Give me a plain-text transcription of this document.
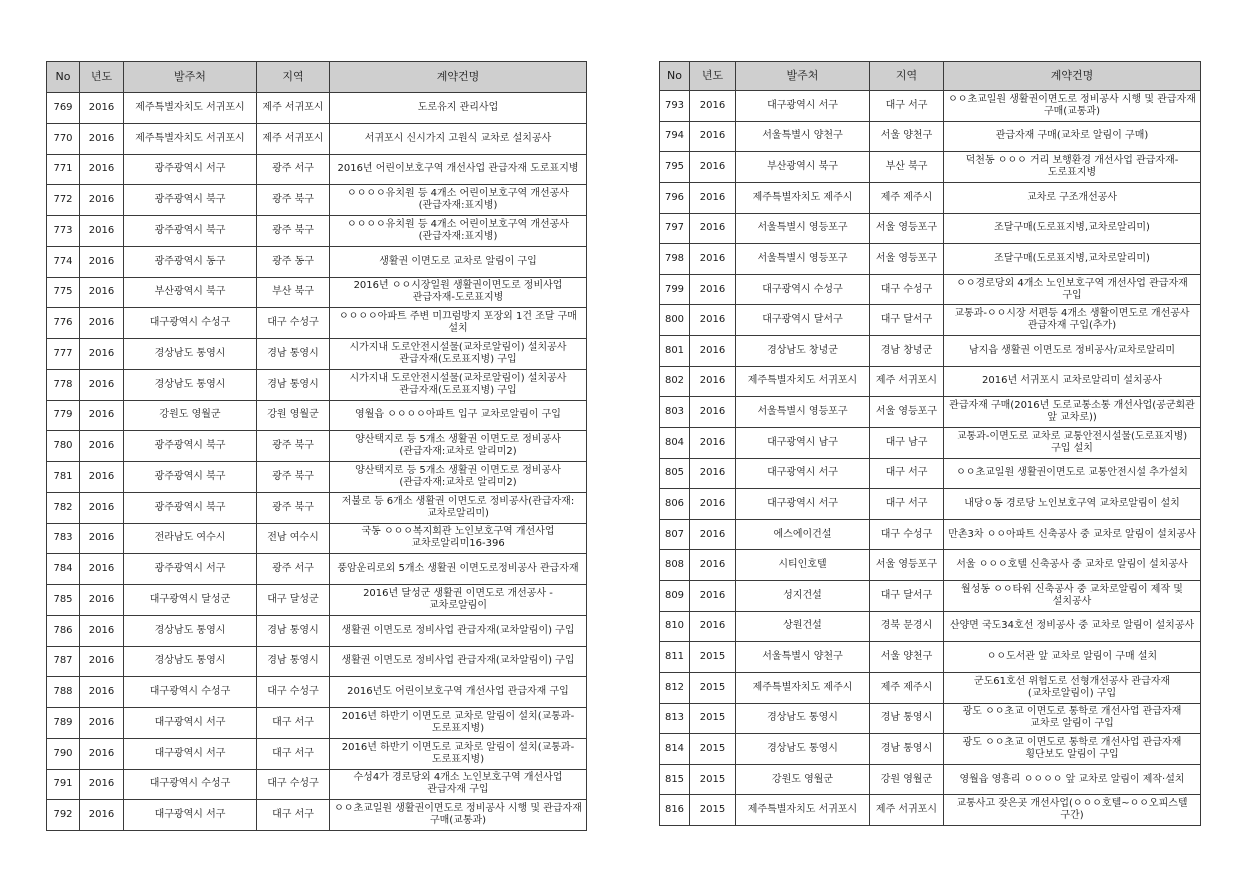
No	년도	발주처	지역	계약건명
769	2016	제주특별자치도 서귀포시	제주 서귀포시	도로유지 관리사업
770	2016	제주특별자치도 서귀포시	제주 서귀포시	서귀포시 신시가지 고원식 교차로 설치공사
771	2016	광주광역시 서구	광주 서구	2016년 어린이보호구역 개선사업 관급자재 도로표지병
772	2016	광주광역시 북구	광주 북구	ㅇㅇㅇㅇ유치원 등 4개소 어린이보호구역 개선공사(관급자재:표지병)
773	2016	광주광역시 북구	광주 북구	ㅇㅇㅇㅇ유치원 등 4개소 어린이보호구역 개선공사(관급자재:표지병)
774	2016	광주광역시 동구	광주 동구	생활권 이면도로 교차로 알림이 구입
775	2016	부산광역시 북구	부산 북구	2016년 ㅇㅇ시장일원 생활권이면도로 정비사업 관급자재-도로표지병
776	2016	대구광역시 수성구	대구 수성구	ㅇㅇㅇㅇ아파트 주변 미끄럼방지 포장외 1건 조달 구매 설치
777	2016	경상남도 통영시	경남 통영시	시가지내 도로안전시설물(교차로알림이) 설치공사 관급자재(도로표지병) 구입
778	2016	경상남도 통영시	경남 통영시	시가지내 도로안전시설물(교차로알림이) 설치공사 관급자재(도로표지병) 구입
779	2016	강원도 영월군	강원 영월군	영월읍 ㅇㅇㅇㅇ아파트 입구 교차로알림이 구입
780	2016	광주광역시 북구	광주 북구	양산택지로 등 5개소 생활권 이면도로 정비공사(관급자재:교차로 알리미2)
781	2016	광주광역시 북구	광주 북구	양산택지로 등 5개소 생활권 이면도로 정비공사(관급자재:교차로 알리미2)
782	2016	광주광역시 북구	광주 북구	저불로 등 6개소 생활권 이면도로 정비공사(관급자재:교차로알리미)
783	2016	전라남도 여수시	전남 여수시	국동 ㅇㅇㅇ복지회관 노인보호구역 개선사업 교차로알리미16-396
784	2016	광주광역시 서구	광주 서구	풍암운리로외 5개소 생활권 이면도로정비공사 관급자재
785	2016	대구광역시 달성군	대구 달성군	2016년 달성군 생활권 이면도로 개선공사 - 교차로알림이
786	2016	경상남도 통영시	경남 통영시	생활권 이면도로 정비사업 관급자재(교차알림이) 구입
787	2016	경상남도 통영시	경남 통영시	생활권 이면도로 정비사업 관급자재(교차알림이) 구입
788	2016	대구광역시 수성구	대구 수성구	2016년도 어린이보호구역 개선사업 관급자재 구입
789	2016	대구광역시 서구	대구 서구	2016년 하반기 이면도로 교차로 알림이 설치(교통과-도로표지병)
790	2016	대구광역시 서구	대구 서구	2016년 하반기 이면도로 교차로 알림이 설치(교통과-도로표지병)
791	2016	대구광역시 수성구	대구 수성구	수성4가 경로당외 4개소 노인보호구역 개선사업 관급자재 구입
792	2016	대구광역시 서구	대구 서구	ㅇㅇ초교일원 생활권이면도로 정비공사 시행 및 관급자재 구매(교통과)
No	년도	발주처	지역	계약건명
793	2016	대구광역시 서구	대구 서구	ㅇㅇ초교일원 생활권이면도로 정비공사 시행 및 관급자재 구매(교통과)
794	2016	서울특별시 양천구	서울 양천구	관급자재 구매(교차로 알림이 구매)
795	2016	부산광역시 북구	부산 북구	덕천동 ㅇㅇㅇ 거리 보행환경 개선사업 관급자재-도로표지병
796	2016	제주특별자치도 제주시	제주 제주시	교차로 구조개선공사
797	2016	서울특별시 영등포구	서울 영등포구	조달구매(도로표지병,교차로알리미)
798	2016	서울특별시 영등포구	서울 영등포구	조달구매(도로표지병,교차로알리미)
799	2016	대구광역시 수성구	대구 수성구	ㅇㅇ경로당외 4개소 노인보호구역 개선사업 관급자재 구입
800	2016	대구광역시 달서구	대구 달서구	교통과-ㅇㅇ시장 서편등 4개소 생활이면도로 개선공사 관급자재 구입(추가)
801	2016	경상남도 창녕군	경남 창녕군	남지읍 생활권 이면도로 정비공사/교차로알리미
802	2016	제주특별자치도 서귀포시	제주 서귀포시	2016년 서귀포시 교차로알리미 설치공사
803	2016	서울특별시 영등포구	서울 영등포구	관급자재 구매(2016년 도로교통소통 개선사업(공군회관 앞 교차로))
804	2016	대구광역시 남구	대구 남구	교통과-이면도로 교차로 교통안전시설물(도로표지병) 구입 설치
805	2016	대구광역시 서구	대구 서구	ㅇㅇ초교일원 생활권이면도로 교통안전시설 추가설치
806	2016	대구광역시 서구	대구 서구	내당ㅇ동 경로당 노인보호구역 교차로알림이 설치
807	2016	에스에이건설	대구 수성구	만촌3차 ㅇㅇ아파트 신축공사 중 교차로 알림이 설치공사
808	2016	시티인호텔	서울 영등포구	서울 ㅇㅇㅇ호텔 신축공사 중 교차로 알림이 설치공사
809	2016	성지건설	대구 달서구	월성동 ㅇㅇ타워 신축공사 중 교차로알림이 제작 및 설치공사
810	2016	상원건설	경북 문경시	산양면 국도34호선 정비공사 중 교차로 알림이 설치공사
811	2015	서울특별시 양천구	서울 양천구	ㅇㅇ도서관 앞 교차로 알림이 구매 설치
812	2015	제주특별자치도 제주시	제주 제주시	군도61호선 위험도로 선형개선공사 관급자재(교차로알림이) 구입
813	2015	경상남도 통영시	경남 통영시	광도 ㅇㅇ초교 이면도로 통학로 개선사업 관급자재 교차로 알림이 구입
814	2015	경상남도 통영시	경남 통영시	광도 ㅇㅇ초교 이면도로 통학로 개선사업 관급자재 횡단보도 알림이 구입
815	2015	강원도 영월군	강원 영월군	영월읍 영흥리 ㅇㅇㅇㅇ 앞 교차로 알림이 제작·설치
816	2015	제주특별자치도 서귀포시	제주 서귀포시	교통사고 잦은곳 개선사업(ㅇㅇㅇ호텔~ㅇㅇ오피스텔 구간)
